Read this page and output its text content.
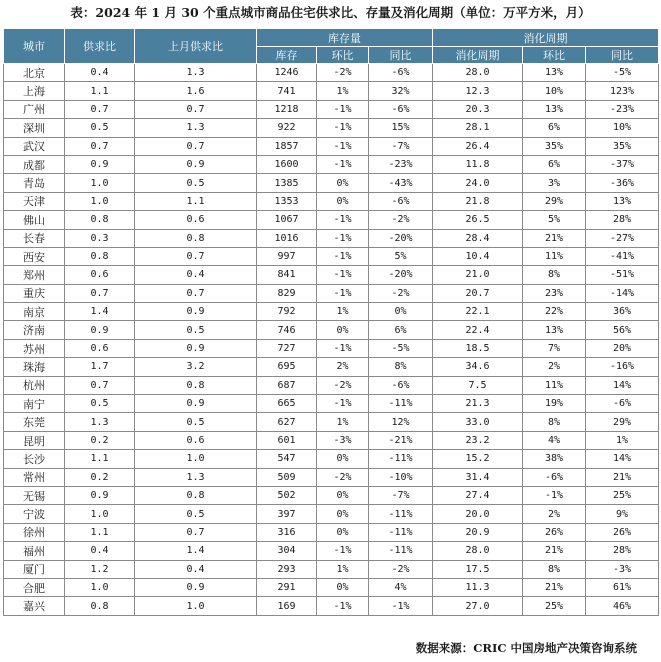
表：2024 年 1 月 30 个重点城市商品住宅供求比、存量及消化周期（单位：万平方米，月）
城市	供求比	上月供求比	库存量			消化周期		
			库存	环比	同比	消化周期	环比	同比
北京	0.4	1.3	1246	-2%	-6%	28.0	13%	-5%
上海	1.1	1.6	741	1%	32%	12.3	10%	123%
广州	0.7	0.7	1218	-1%	-6%	20.3	13%	-23%
深圳	0.5	1.3	922	-1%	15%	28.1	6%	10%
武汉	0.7	0.7	1857	-1%	-7%	26.4	35%	35%
成都	0.9	0.9	1600	-1%	-23%	11.8	6%	-37%
青岛	1.0	0.5	1385	0%	-43%	24.0	3%	-36%
天津	1.0	1.1	1353	0%	-6%	21.8	29%	13%
佛山	0.8	0.6	1067	-1%	-2%	26.5	5%	28%
长春	0.3	0.8	1016	-1%	-20%	28.4	21%	-27%
西安	0.8	0.7	997	-1%	5%	10.4	11%	-41%
郑州	0.6	0.4	841	-1%	-20%	21.0	8%	-51%
重庆	0.7	0.7	829	-1%	-2%	20.7	23%	-14%
南京	1.4	0.9	792	1%	0%	22.1	22%	36%
济南	0.9	0.5	746	0%	6%	22.4	13%	56%
苏州	0.6	0.9	727	-1%	-5%	18.5	7%	20%
珠海	1.7	3.2	695	2%	8%	34.6	2%	-16%
杭州	0.7	0.8	687	-2%	-6%	7.5	11%	14%
南宁	0.5	0.9	665	-1%	-11%	21.3	19%	-6%
东莞	1.3	0.5	627	1%	12%	33.0	8%	29%
昆明	0.2	0.6	601	-3%	-21%	23.2	4%	1%
长沙	1.1	1.0	547	0%	-11%	15.2	38%	14%
常州	0.2	1.3	509	-2%	-10%	31.4	-6%	21%
无锡	0.9	0.8	502	0%	-7%	27.4	-1%	25%
宁波	1.0	0.5	397	0%	-11%	20.0	2%	9%
徐州	1.1	0.7	316	0%	-11%	20.9	26%	26%
福州	0.4	1.4	304	-1%	-11%	28.0	21%	28%
厦门	1.2	0.4	293	1%	-2%	17.5	8%	-3%
合肥	1.0	0.9	291	0%	4%	11.3	21%	61%
嘉兴	0.8	1.0	169	-1%	-1%	27.0	25%	46%
数据来源：CRIC 中国房地产决策咨询系统
